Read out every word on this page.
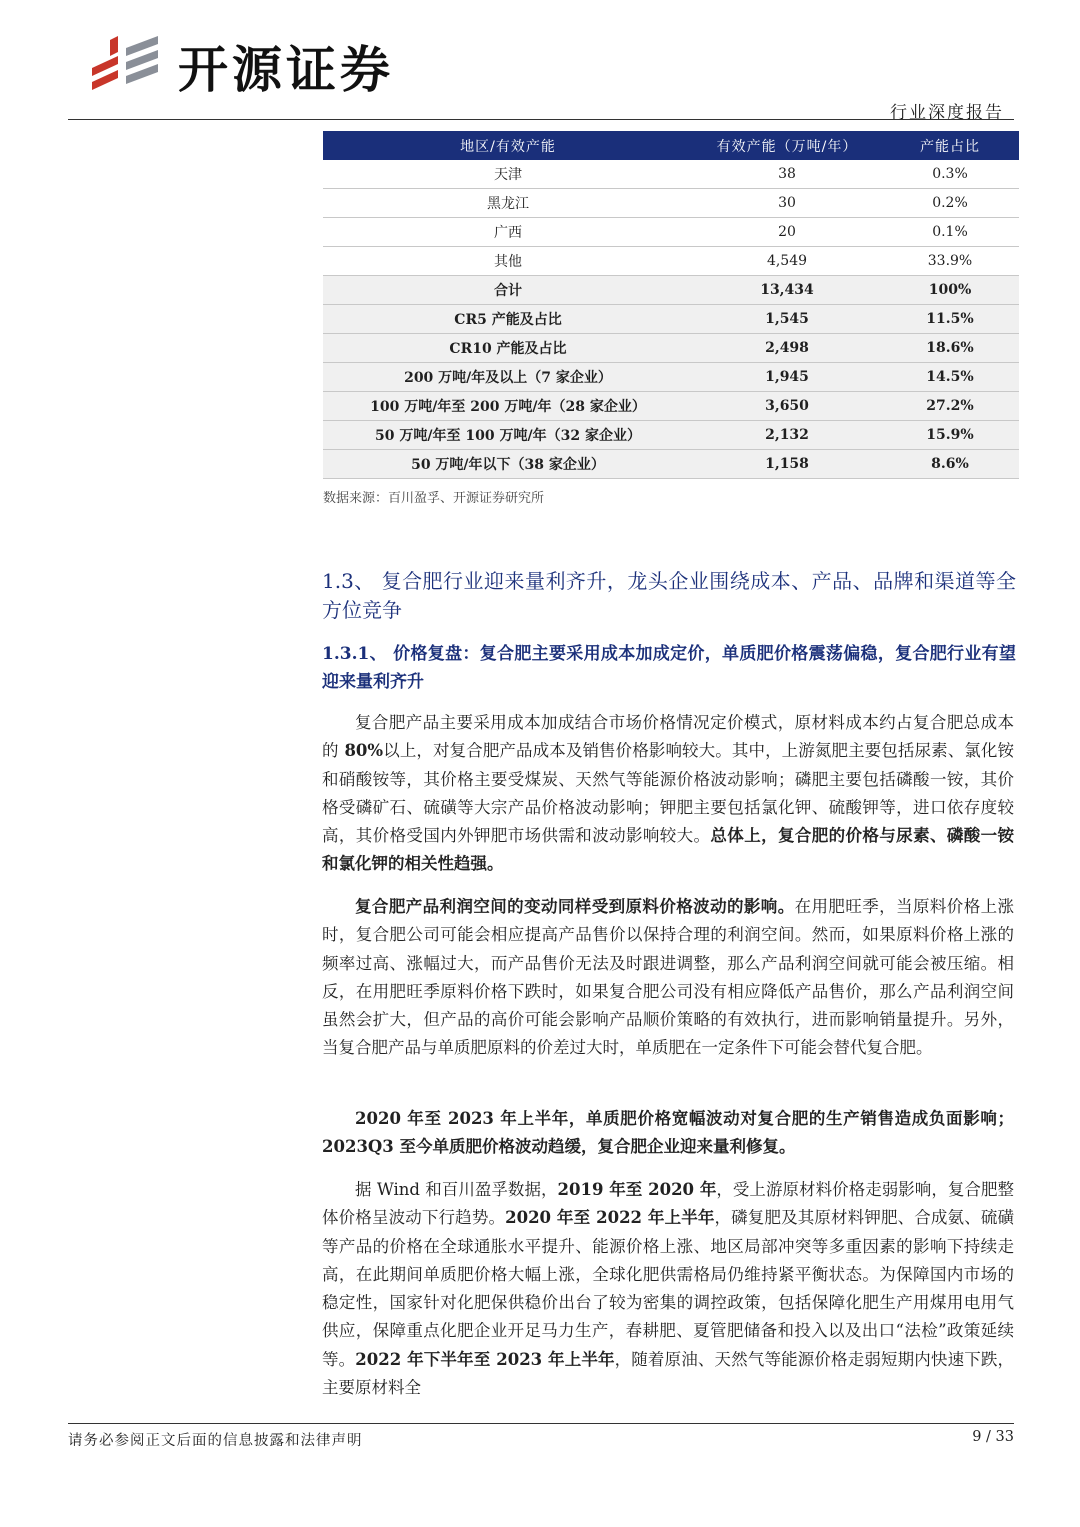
开源证券
行业深度报告
地区/有效产能	有效产能（万吨/年）	产能占比
天津	38	0.3%
黑龙江	30	0.2%
广西	20	0.1%
其他	4,549	33.9%
合计	13,434	100%
CR5 产能及占比	1,545	11.5%
CR10 产能及占比	2,498	18.6%
200 万吨/年及以上（7 家企业）	1,945	14.5%
100 万吨/年至 200 万吨/年（28 家企业）	3,650	27.2%
50 万吨/年至 100 万吨/年（32 家企业）	2,132	15.9%
50 万吨/年以下（38 家企业）	1,158	8.6%
数据来源：百川盈孚、开源证券研究所
1.3、 复合肥行业迎来量利齐升，龙头企业围绕成本、产品、品牌和渠道等全方位竞争
1.3.1、 价格复盘：复合肥主要采用成本加成定价，单质肥价格震荡偏稳，复合肥行业有望迎来量利齐升

复合肥产品主要采用成本加成结合市场价格情况定价模式，原材料成本约占复合肥总成本的 80%以上，对复合肥产品成本及销售价格影响较大。其中，上游氮肥主要包括尿素、氯化铵和硝酸铵等，其价格主要受煤炭、天然气等能源价格波动影响；磷肥主要包括磷酸一铵，其价格受磷矿石、硫磺等大宗产品价格波动影响；钾肥主要包括氯化钾、硫酸钾等，进口依存度较高，其价格受国内外钾肥市场供需和波动影响较大。总体上，复合肥的价格与尿素、磷酸一铵和氯化钾的相关性趋强。

复合肥产品利润空间的变动同样受到原料价格波动的影响。在用肥旺季，当原料价格上涨时，复合肥公司可能会相应提高产品售价以保持合理的利润空间。然而，如果原料价格上涨的频率过高、涨幅过大，而产品售价无法及时跟进调整，那么产品利润空间就可能会被压缩。相反，在用肥旺季原料价格下跌时，如果复合肥公司没有相应降低产品售价，那么产品利润空间虽然会扩大，但产品的高价可能会影响产品顺价策略的有效执行，进而影响销量提升。另外，当复合肥产品与单质肥原料的价差过大时，单质肥在一定条件下可能会替代复合肥。

2020 年至 2023 年上半年，单质肥价格宽幅波动对复合肥的生产销售造成负面影响；2023Q3 至今单质肥价格波动趋缓，复合肥企业迎来量利修复。

据 Wind 和百川盈孚数据，2019 年至 2020 年，受上游原材料价格走弱影响，复合肥整体价格呈波动下行趋势。2020 年至 2022 年上半年，磷复肥及其原材料钾肥、合成氨、硫磺等产品的价格在全球通胀水平提升、能源价格上涨、地区局部冲突等多重因素的影响下持续走高，在此期间单质肥价格大幅上涨，全球化肥供需格局仍维持紧平衡状态。为保障国内市场的稳定性，国家针对化肥保供稳价出台了较为密集的调控政策，包括保障化肥生产用煤用电用气供应，保障重点化肥企业开足马力生产，春耕肥、夏管肥储备和投入以及出口“法检”政策延续等。2022 年下半年至 2023 年上半年，随着原油、天然气等能源价格走弱短期内快速下跌，主要原材料全

请务必参阅正文后面的信息披露和法律声明	9 / 33
